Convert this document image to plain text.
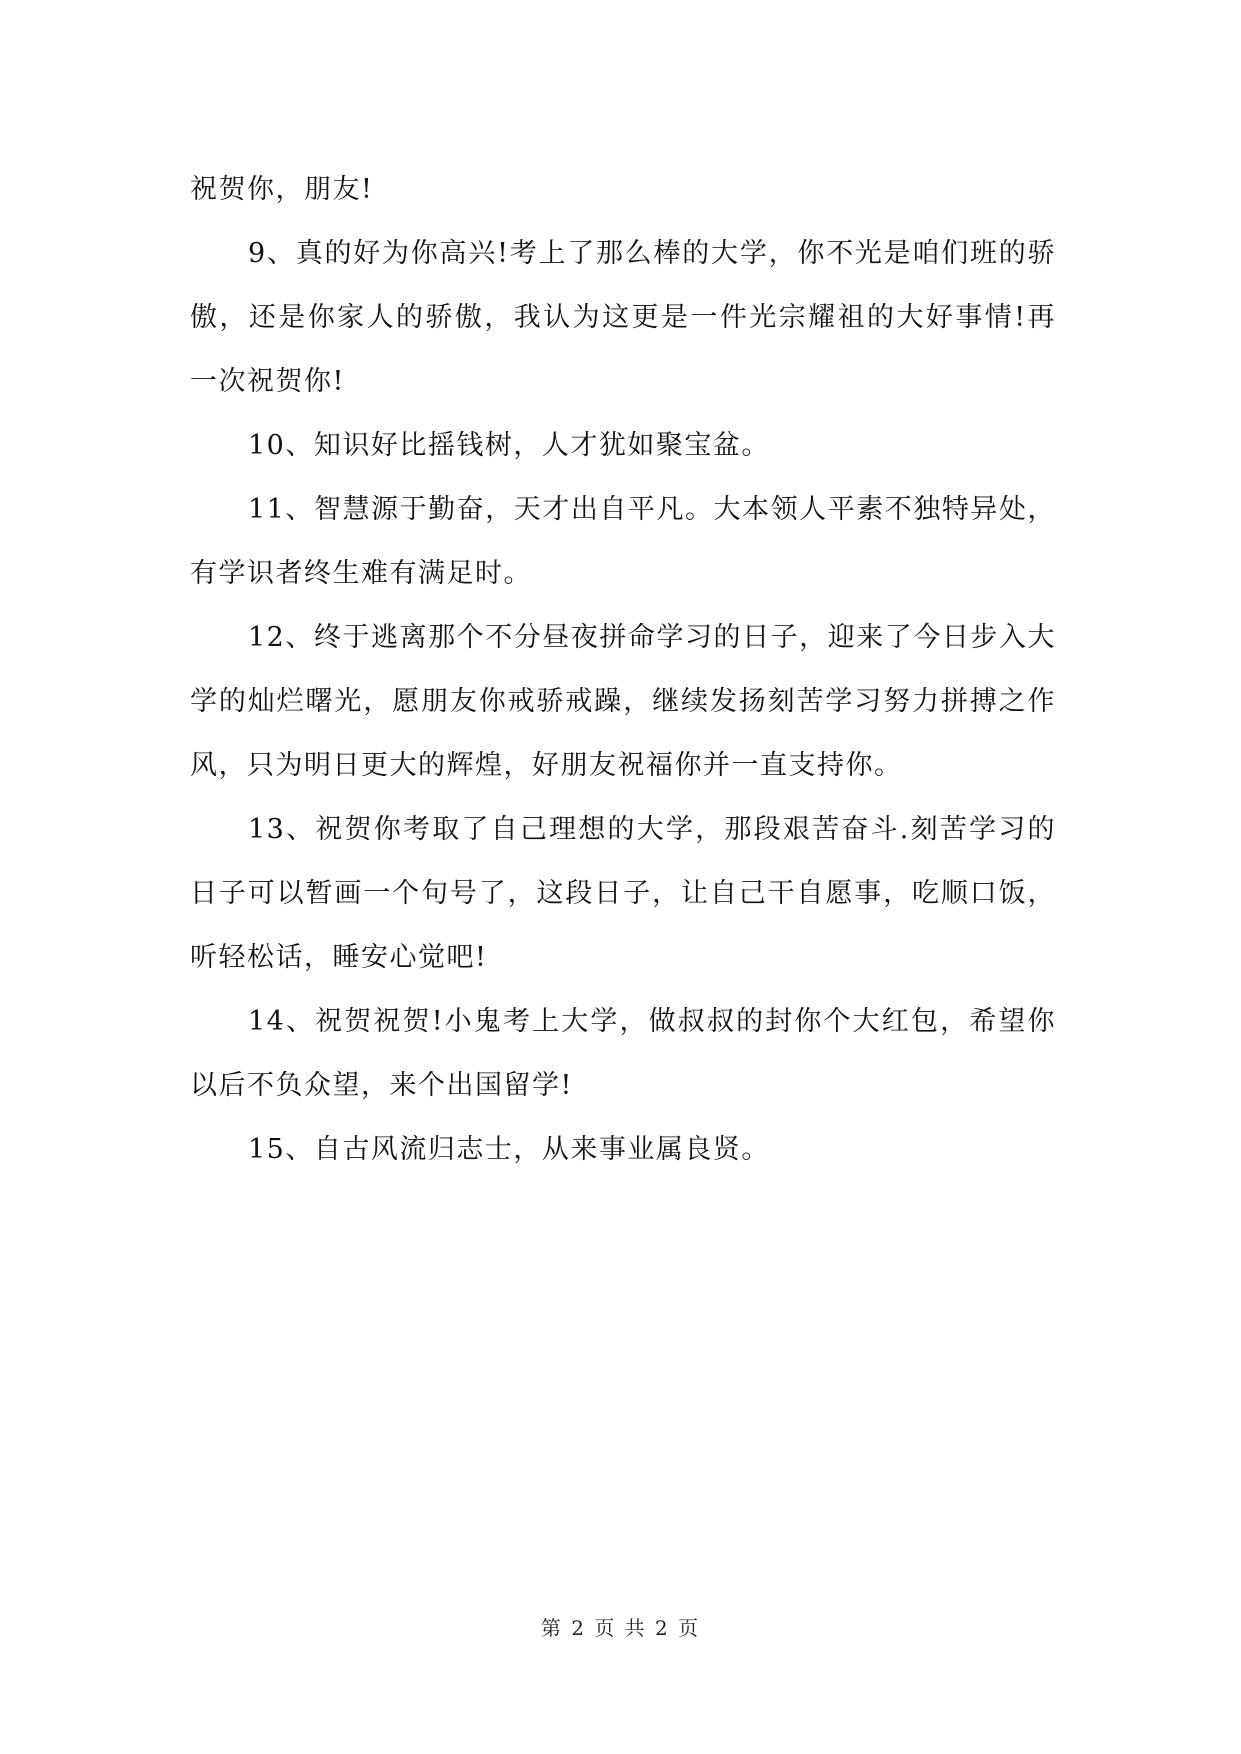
祝贺你，朋友!

9、真的好为你高兴!考上了那么棒的大学，你不光是咱们班的骄傲，还是你家人的骄傲，我认为这更是一件光宗耀祖的大好事情!再一次祝贺你!

10、知识好比摇钱树，人才犹如聚宝盆。

11、智慧源于勤奋，天才出自平凡。大本领人平素不独特异处，有学识者终生难有满足时。

12、终于逃离那个不分昼夜拼命学习的日子，迎来了今日步入大学的灿烂曙光，愿朋友你戒骄戒躁，继续发扬刻苦学习努力拼搏之作风，只为明日更大的辉煌，好朋友祝福你并一直支持你。

13、祝贺你考取了自己理想的大学，那段艰苦奋斗.刻苦学习的日子可以暂画一个句号了，这段日子，让自己干自愿事，吃顺口饭，听轻松话，睡安心觉吧!

14、祝贺祝贺!小鬼考上大学，做叔叔的封你个大红包，希望你以后不负众望，来个出国留学!

15、自古风流归志士，从来事业属良贤。

第 2 页 共 2 页
